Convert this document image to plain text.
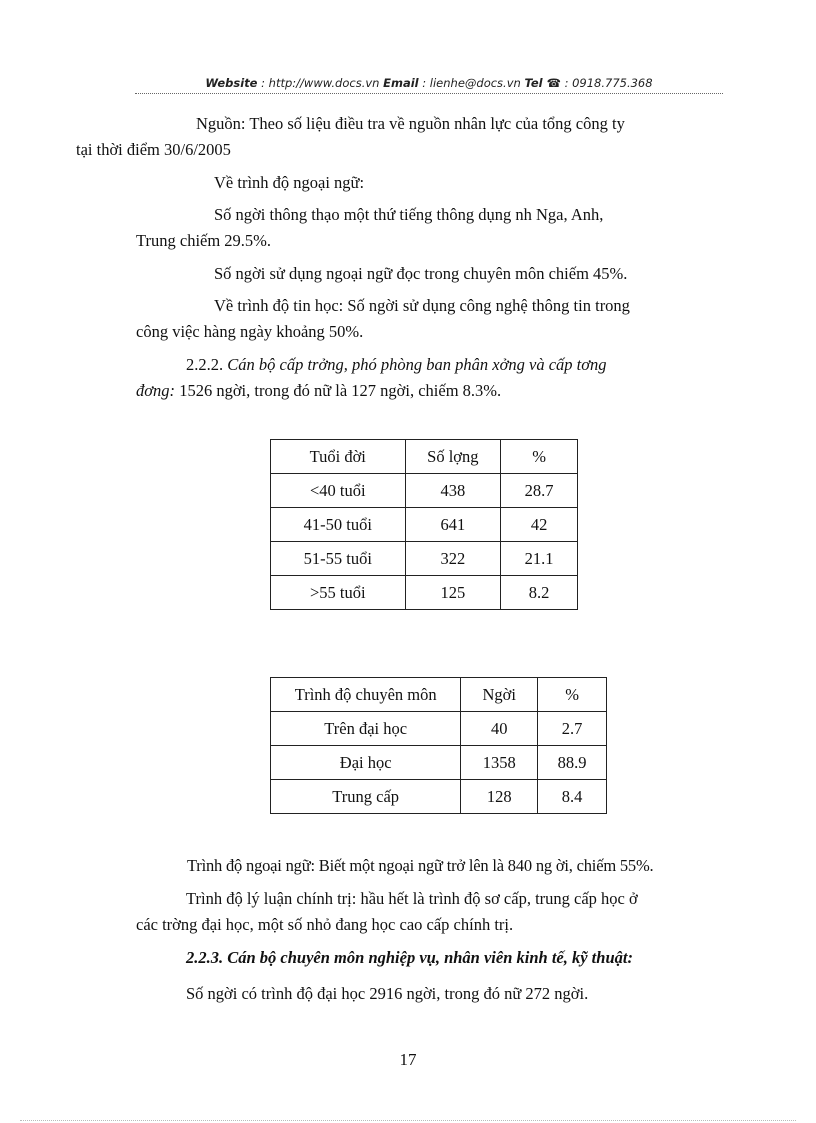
Website : http://www.docs.vn Email : lienhe@docs.vn Tel ☎ : 0918.775.368

Nguồn: Theo số liệu điều tra về nguồn nhân lực của tổng công ty
tại thời điểm 30/6/2005

Về trình độ ngoại ngữ:

Số ngời thông thạo một thứ tiếng thông dụng nh Nga, Anh,
Trung chiếm 29.5%.

Số ngời sử dụng ngoại ngữ đọc trong chuyên môn chiếm 45%.

Về trình độ tin học: Số ngời sử dụng công nghệ thông tin trong
công việc hàng ngày khoảng 50%.

2.2.2. Cán bộ cấp trởng, phó phòng ban phân xởng và cấp tơng
đơng: 1526 ngời, trong đó nữ là 127 ngời, chiếm 8.3%.

Tuổi đời	Số lợng	%
<40 tuổi	438	28.7
41-50 tuổi	641	42
51-55 tuổi	322	21.1
>55 tuổi	125	8.2
Trình độ chuyên môn	Ngời	%
Trên đại học	40	2.7
Đại học	1358	88.9
Trung cấp	128	8.4

Trình độ ngoại ngữ: Biết một ngoại ngữ trở lên là 840 ng ời, chiếm 55%.

Trình độ lý luận chính trị: hầu hết là trình độ sơ cấp, trung cấp học ở
các trờng đại học, một số nhỏ đang học cao cấp chính trị.

2.2.3. Cán bộ chuyên môn nghiệp vụ, nhân viên kinh tế, kỹ thuật:

Số ngời có trình độ đại học 2916 ngời, trong đó nữ 272 ngời.

17
